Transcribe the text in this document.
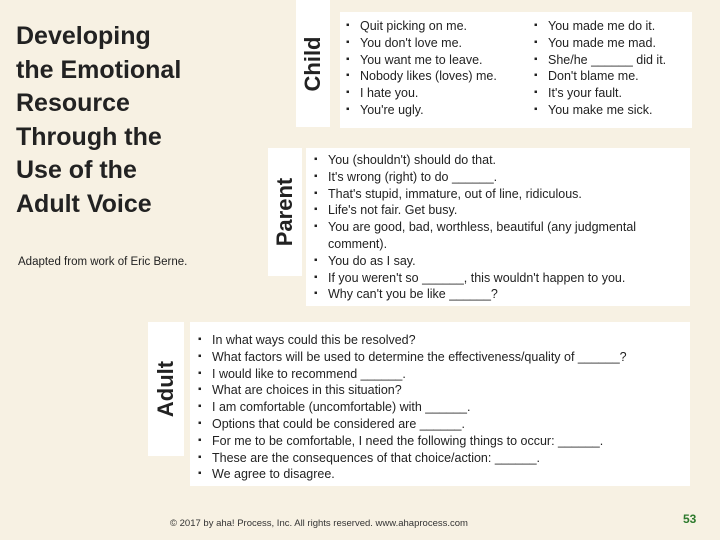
Developing
the Emotional
Resource
Through the
Use of the
Adult Voice
Adapted from work of Eric Berne.
Child
▪ Quit picking on me.
▪ You don't love me.
▪ You want me to leave.
▪ Nobody likes (loves) me.
▪ I hate you.
▪ You're ugly.
▪ You made me do it.
▪ You made me mad.
▪ She/he ______ did it.
▪ Don't blame me.
▪ It's your fault.
▪ You make me sick.
Parent
▪ You (shouldn't) should do that.
▪ It's wrong (right) to do ______.
▪ That's stupid, immature, out of line, ridiculous.
▪ Life's not fair. Get busy.
▪ You are good, bad, worthless, beautiful (any judgmental comment).
▪ You do as I say.
▪ If you weren't so ______, this wouldn't happen to you.
▪ Why can't you be like ______?
Adult
▪ In what ways could this be resolved?
▪ What factors will be used to determine the effectiveness/quality of ______?
▪ I would like to recommend ______.
▪ What are choices in this situation?
▪ I am comfortable (uncomfortable) with ______.
▪ Options that could be considered are ______.
▪ For me to be comfortable, I need the following things to occur: ______.
▪ These are the consequences of that choice/action: ______.
▪ We agree to disagree.
© 2017 by aha! Process, Inc. All rights reserved. www.ahaprocess.com	53
